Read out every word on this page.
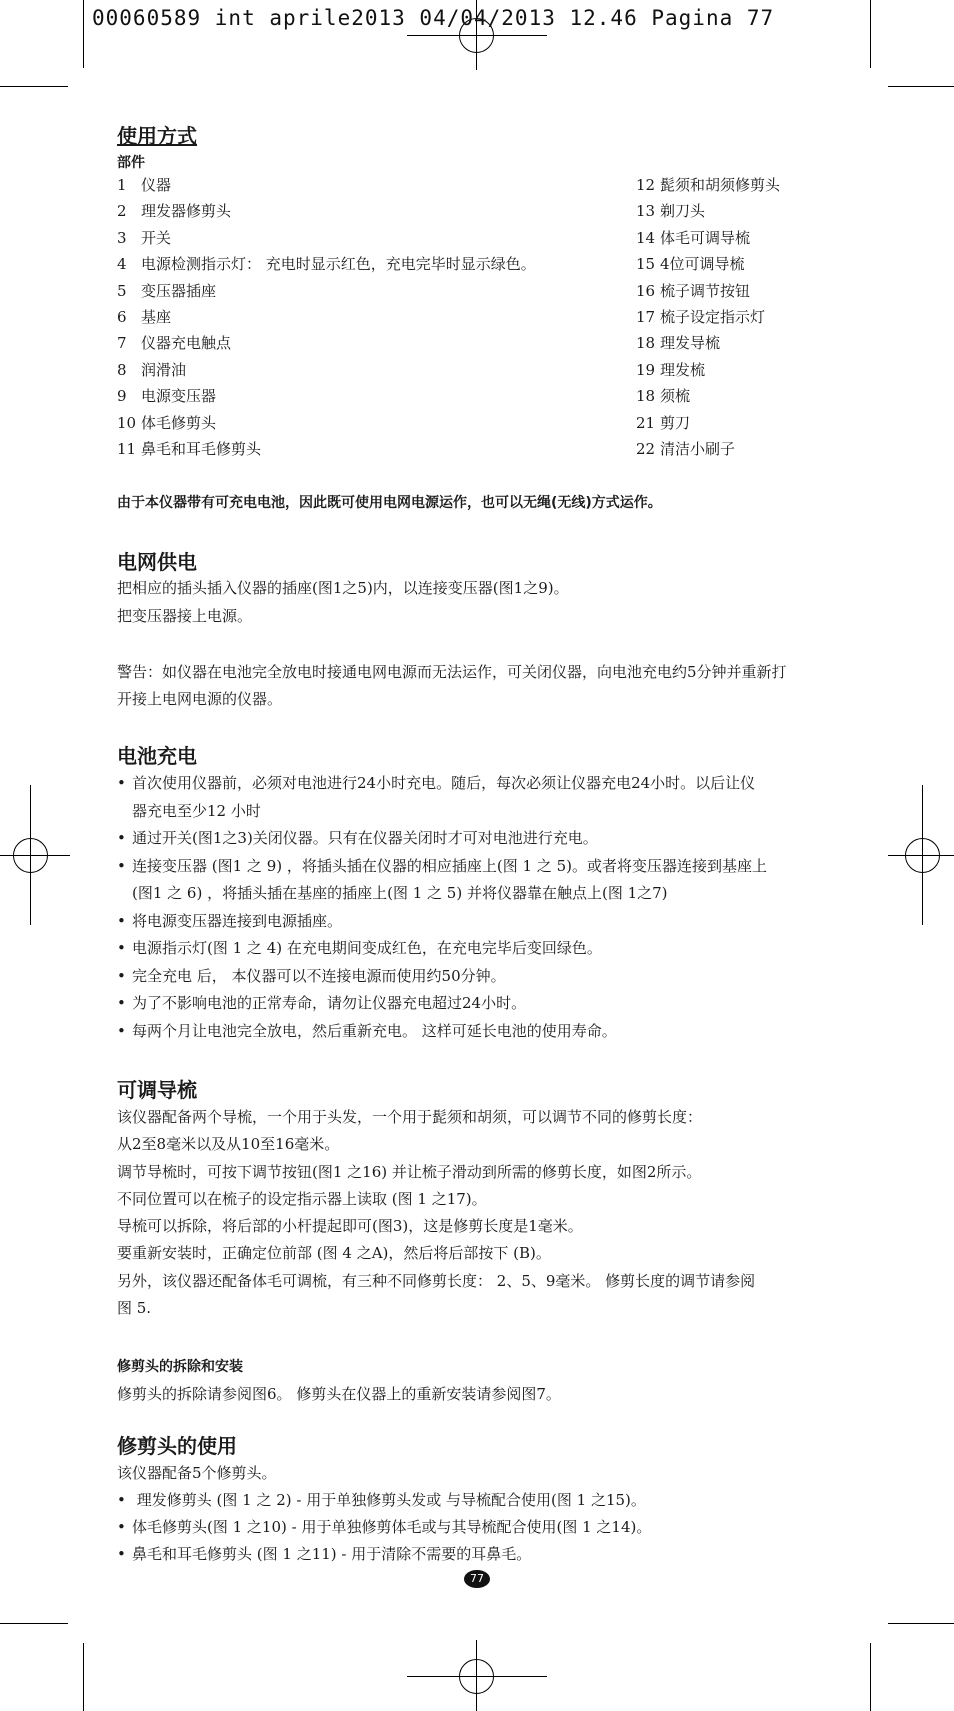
00060589 int aprile2013 04/04/2013 12.46 Pagina 77
使用方式
部件
1 仪器
2 理发器修剪头
3 开关
4 电源检测指示灯： 充电时显示红色，充电完毕时显示绿色。
5 变压器插座
6 基座
7 仪器充电触点
8 润滑油
9 电源变压器
10 体毛修剪头
11 鼻毛和耳毛修剪头
12 髭须和胡须修剪头
13 剃刀头
14 体毛可调导梳
15 4位可调导梳
16 梳子调节按钮
17 梳子设定指示灯
18 理发导梳
19 理发梳
18 须梳
21 剪刀
22 清洁小刷子
由于本仪器带有可充电电池，因此既可使用电网电源运作，也可以无绳(无线)方式运作。
电网供电
把相应的插头插入仪器的插座(图1之5)内，以连接变压器(图1之9)。
把变压器接上电源。
警告：如仪器在电池完全放电时接通电网电源而无法运作，可关闭仪器，向电池充电约5分钟并重新打
开接上电网电源的仪器。
电池充电
• 首次使用仪器前，必须对电池进行24小时充电。随后，每次必须让仪器充电24小时。以后让仪
器充电至少12 小时
• 通过开关(图1之3)关闭仪器。只有在仪器关闭时才可对电池进行充电。
• 连接变压器 (图1 之 9) ，将插头插在仪器的相应插座上(图 1 之 5)。或者将变压器连接到基座上
(图1 之 6) ，将插头插在基座的插座上(图 1 之 5) 并将仪器靠在触点上(图 1之7)
• 将电源变压器连接到电源插座。
• 电源指示灯(图 1 之 4) 在充电期间变成红色，在充电完毕后变回绿色。
• 完全充电 后， 本仪器可以不连接电源而使用约50分钟。
• 为了不影响电池的正常寿命，请勿让仪器充电超过24小时。
• 每两个月让电池完全放电，然后重新充电。 这样可延长电池的使用寿命。
可调导梳
该仪器配备两个导梳，一个用于头发，一个用于髭须和胡须，可以调节不同的修剪长度：
从2至8毫米以及从10至16毫米。
调节导梳时，可按下调节按钮(图1 之16) 并让梳子滑动到所需的修剪长度，如图2所示。
不同位置可以在梳子的设定指示器上读取 (图 1 之17)。
导梳可以拆除，将后部的小杆提起即可(图3)，这是修剪长度是1毫米。
要重新安装时，正确定位前部 (图 4 之A)，然后将后部按下 (B)。
另外，该仪器还配备体毛可调梳，有三种不同修剪长度： 2、5、9毫米。 修剪长度的调节请参阅
图 5.
修剪头的拆除和安装
修剪头的拆除请参阅图6。 修剪头在仪器上的重新安装请参阅图7。
修剪头的使用
该仪器配备5个修剪头。
• 理发修剪头 (图 1 之 2) - 用于单独修剪头发或 与导梳配合使用(图 1 之15)。
• 体毛修剪头(图 1 之10) - 用于单独修剪体毛或与其导梳配合使用(图 1 之14)。
• 鼻毛和耳毛修剪头 (图 1 之11) - 用于清除不需要的耳鼻毛。
77
